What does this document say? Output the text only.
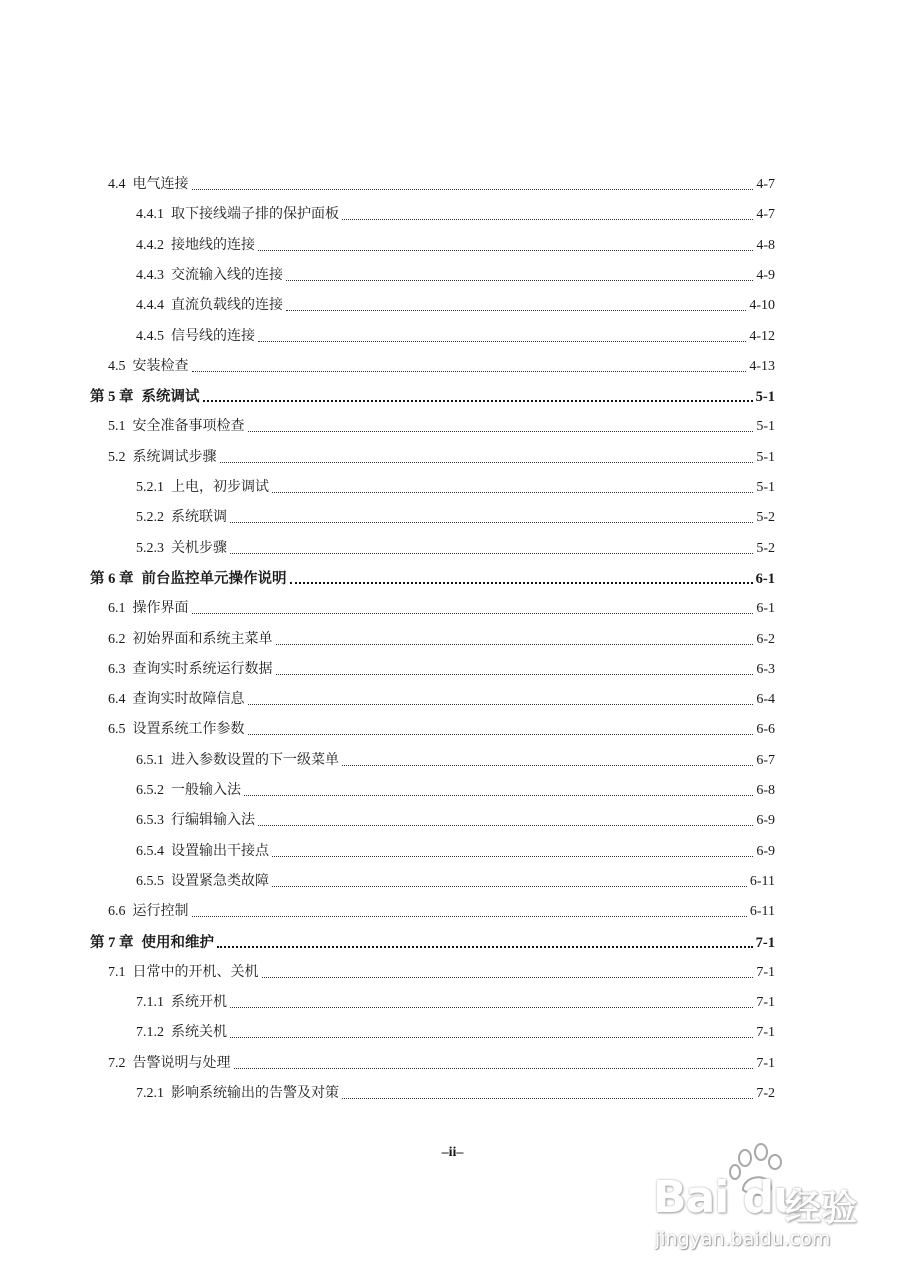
4.4 电气连接	4-7
4.4.1 取下接线端子排的保护面板	4-7
4.4.2 接地线的连接	4-8
4.4.3 交流输入线的连接	4-9
4.4.4 直流负载线的连接	4-10
4.4.5 信号线的连接	4-12
4.5 安装检查	4-13
第 5 章 系统调试	5-1
5.1 安全准备事项检查	5-1
5.2 系统调试步骤	5-1
5.2.1 上电，初步调试	5-1
5.2.2 系统联调	5-2
5.2.3 关机步骤	5-2
第 6 章 前台监控单元操作说明	6-1
6.1 操作界面	6-1
6.2 初始界面和系统主菜单	6-2
6.3 查询实时系统运行数据	6-3
6.4 查询实时故障信息	6-4
6.5 设置系统工作参数	6-6
6.5.1 进入参数设置的下一级菜单	6-7
6.5.2 一般输入法	6-8
6.5.3 行编辑输入法	6-9
6.5.4 设置输出干接点	6-9
6.5.5 设置紧急类故障	6-11
6.6 运行控制	6-11
第 7 章 使用和维护	7-1
7.1 日常中的开机、关机	7-1
7.1.1 系统开机	7-1
7.1.2 系统关机	7-1
7.2 告警说明与处理	7-1
7.2.1 影响系统输出的告警及对策	7-2
–ii–
Bai du
经验
jingyan.baidu.com
